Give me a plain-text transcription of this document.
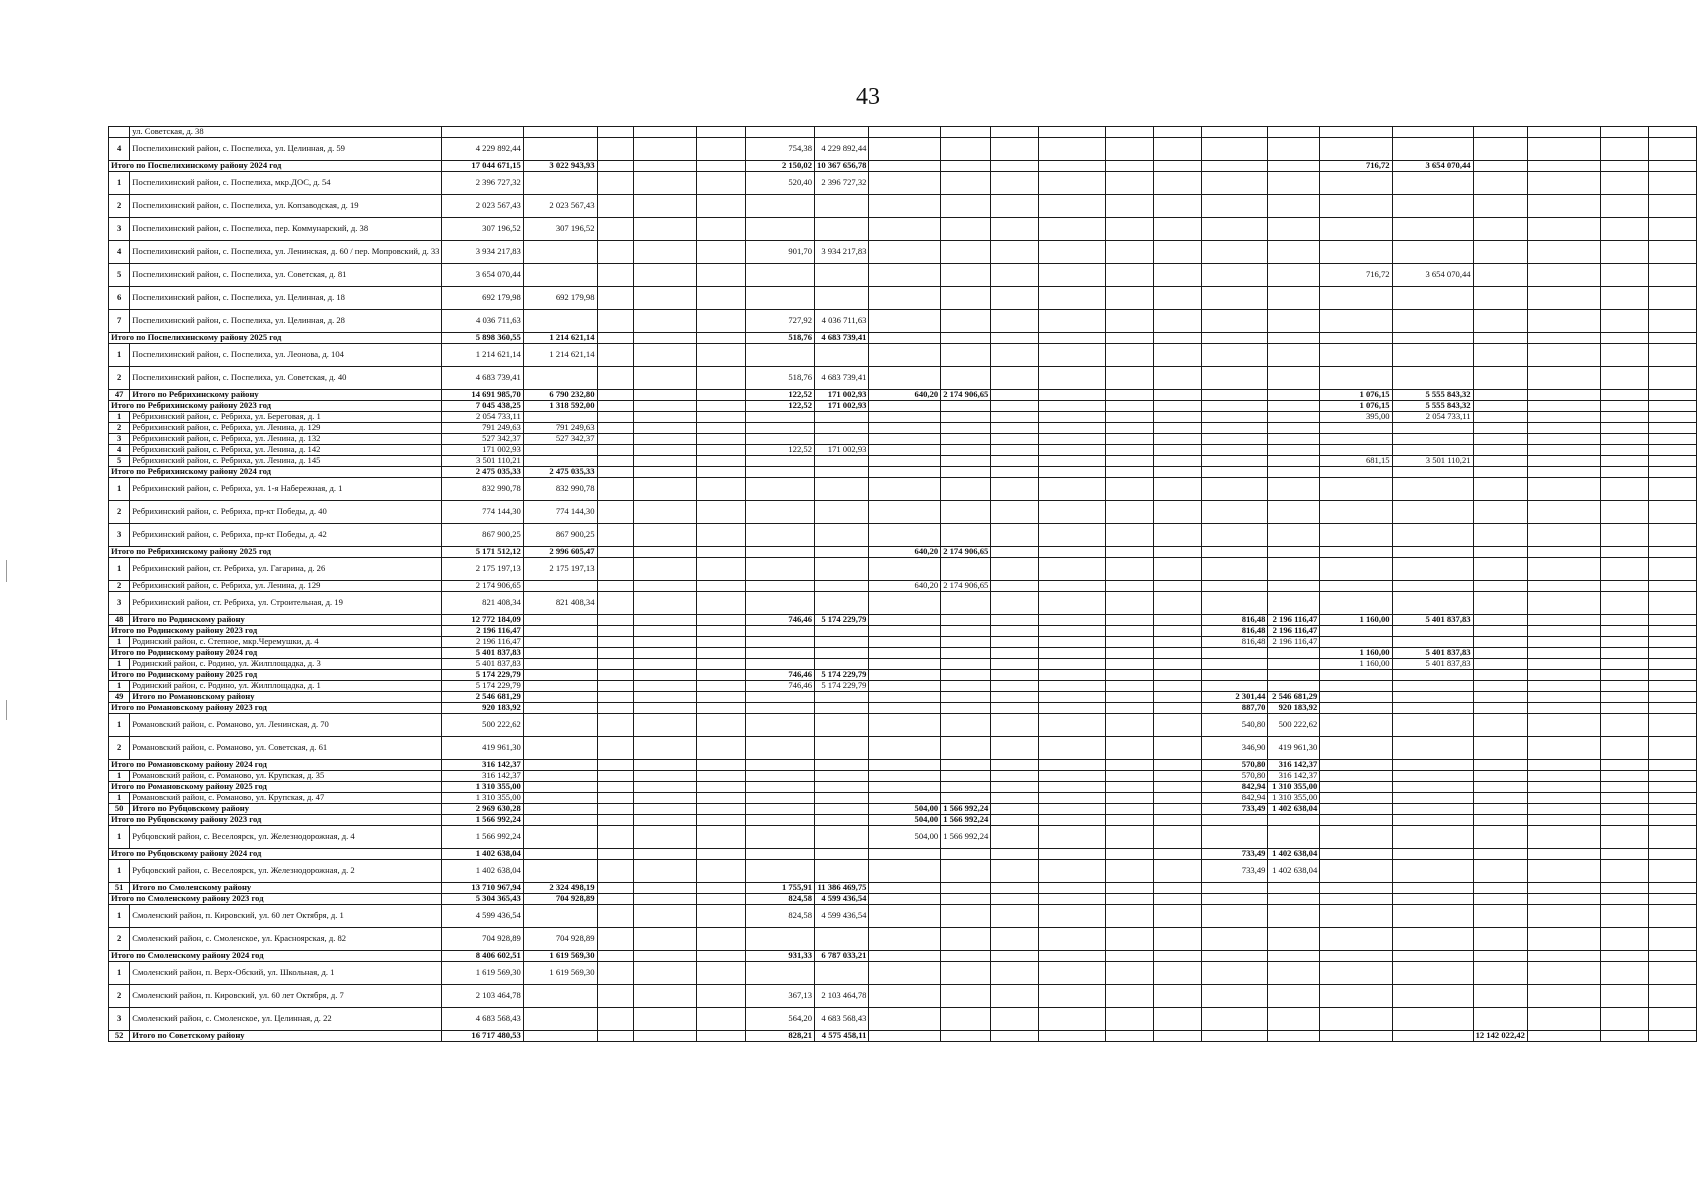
43
	ул. Советская, д. 38																					
4	Поспелихинский район, с. Поспелиха, ул. Целинная, д. 59	4 229 892,44					754,38	4 229 892,44														
Итого по Поспелихинскому району 2024 год		17 044 671,15	3 022 943,93				2 150,02	10 367 656,78									716,72	3 654 070,44				
1	Поспелихинский район, с. Поспелиха, мкр.ДОС, д. 54	2 396 727,32					520,40	2 396 727,32														
2	Поспелихинский район, с. Поспелиха, ул. Копзаводская, д. 19	2 023 567,43	2 023 567,43																			
3	Поспелихинский район, с. Поспелиха, пер. Коммунарский, д. 38	307 196,52	307 196,52																			
4	Поспелихинский район, с. Поспелиха, ул. Ленинская, д. 60 / пер. Мопровский, д. 33	3 934 217,83					901,70	3 934 217,83														
5	Поспелихинский район, с. Поспелиха, ул. Советская, д. 81	3 654 070,44															716,72	3 654 070,44				
6	Поспелихинский район, с. Поспелиха, ул. Целинная, д. 18	692 179,98	692 179,98																			
7	Поспелихинский район, с. Поспелиха, ул. Целинная, д. 28	4 036 711,63					727,92	4 036 711,63														
Итого по Поспелихинскому району 2025 год		5 898 360,55	1 214 621,14				518,76	4 683 739,41														
1	Поспелихинский район, с. Поспелиха, ул. Леонова, д. 104	1 214 621,14	1 214 621,14																			
2	Поспелихинский район, с. Поспелиха, ул. Советская, д. 40	4 683 739,41					518,76	4 683 739,41														
47	Итого по Ребрихинскому району	14 691 985,70	6 790 232,80				122,52	171 002,93	640,20	2 174 906,65							1 076,15	5 555 843,32				
Итого по Ребрихинскому району 2023 год		7 045 438,25	1 318 592,00				122,52	171 002,93									1 076,15	5 555 843,32				
1	Ребрихинский район, с. Ребриха, ул. Береговая, д. 1	2 054 733,11															395,00	2 054 733,11				
2	Ребрихинский район, с. Ребриха, ул. Ленина, д. 129	791 249,63	791 249,63																			
3	Ребрихинский район, с. Ребриха, ул. Ленина, д. 132	527 342,37	527 342,37																			
4	Ребрихинский район, с. Ребриха, ул. Ленина, д. 142	171 002,93					122,52	171 002,93														
5	Ребрихинский район, с. Ребриха, ул. Ленина, д. 145	3 501 110,21															681,15	3 501 110,21				
Итого по Ребрихинскому району 2024 год		2 475 035,33	2 475 035,33																			
1	Ребрихинский район, с. Ребриха, ул. 1-я Набережная, д. 1	832 990,78	832 990,78																			
2	Ребрихинский район, с. Ребриха, пр-кт Победы, д. 40	774 144,30	774 144,30																			
3	Ребрихинский район, с. Ребриха, пр-кт Победы, д. 42	867 900,25	867 900,25																			
Итого по Ребрихинскому району 2025 год		5 171 512,12	2 996 605,47						640,20	2 174 906,65												
1	Ребрихинский район, ст. Ребриха, ул. Гагарина, д. 26	2 175 197,13	2 175 197,13																			
2	Ребрихинский район, с. Ребриха, ул. Ленина, д. 129	2 174 906,65							640,20	2 174 906,65												
3	Ребрихинский район, ст. Ребриха, ул. Строительная, д. 19	821 408,34	821 408,34																			
48	Итого по Родинскому району	12 772 184,09					746,46	5 174 229,79							816,48	2 196 116,47	1 160,00	5 401 837,83				
Итого по Родинскому району 2023 год		2 196 116,47													816,48	2 196 116,47						
1	Родинский район, с. Степное, мкр.Черемушки, д. 4	2 196 116,47													816,48	2 196 116,47						
Итого по Родинскому району 2024 год		5 401 837,83															1 160,00	5 401 837,83				
1	Родинский район, с. Родино, ул. Жилплощадка, д. 3	5 401 837,83															1 160,00	5 401 837,83				
Итого по Родинскому району 2025 год		5 174 229,79					746,46	5 174 229,79														
1	Родинский район, с. Родино, ул. Жилплощадка, д. 1	5 174 229,79					746,46	5 174 229,79														
49	Итого по Романовскому району	2 546 681,29													2 301,44	2 546 681,29						
Итого по Романовскому району 2023 год		920 183,92													887,70	920 183,92						
1	Романовский район, с. Романово, ул. Ленинская, д. 70	500 222,62													540,80	500 222,62						
2	Романовский район, с. Романово, ул. Советская, д. 61	419 961,30													346,90	419 961,30						
Итого по Романовскому району 2024 год		316 142,37													570,80	316 142,37						
1	Романовский район, с. Романово, ул. Крупская, д. 35	316 142,37													570,80	316 142,37						
Итого по Романовскому району 2025 год		1 310 355,00													842,94	1 310 355,00						
1	Романовский район, с. Романово, ул. Крупская, д. 47	1 310 355,00													842,94	1 310 355,00						
50	Итого по Рубцовскому району	2 969 630,28							504,00	1 566 992,24					733,49	1 402 638,04						
Итого по Рубцовскому району 2023 год		1 566 992,24							504,00	1 566 992,24												
1	Рубцовский район, с. Веселоярск, ул. Железнодорожная, д. 4	1 566 992,24							504,00	1 566 992,24												
Итого по Рубцовскому району 2024 год		1 402 638,04													733,49	1 402 638,04						
1	Рубцовский район, с. Веселоярск, ул. Железнодорожная, д. 2	1 402 638,04													733,49	1 402 638,04						
51	Итого по Смоленскому району	13 710 967,94	2 324 498,19				1 755,91	11 386 469,75														
Итого по Смоленскому району 2023 год		5 304 365,43	704 928,89				824,58	4 599 436,54														
1	Смоленский район, п. Кировский, ул. 60 лет Октября, д. 1	4 599 436,54					824,58	4 599 436,54														
2	Смоленский район, с. Смоленское, ул. Красноярская, д. 82	704 928,89	704 928,89																			
Итого по Смоленскому району 2024 год		8 406 602,51	1 619 569,30				931,33	6 787 033,21														
1	Смоленский район, п. Верх-Обский, ул. Школьная, д. 1	1 619 569,30	1 619 569,30																			
2	Смоленский район, п. Кировский, ул. 60 лет Октября, д. 7	2 103 464,78					367,13	2 103 464,78														
3	Смоленский район, с. Смоленское, ул. Целинная, д. 22	4 683 568,43					564,20	4 683 568,43														
52	Итого по Советскому району	16 717 480,53					828,21	4 575 458,11											12 142 022,42			
